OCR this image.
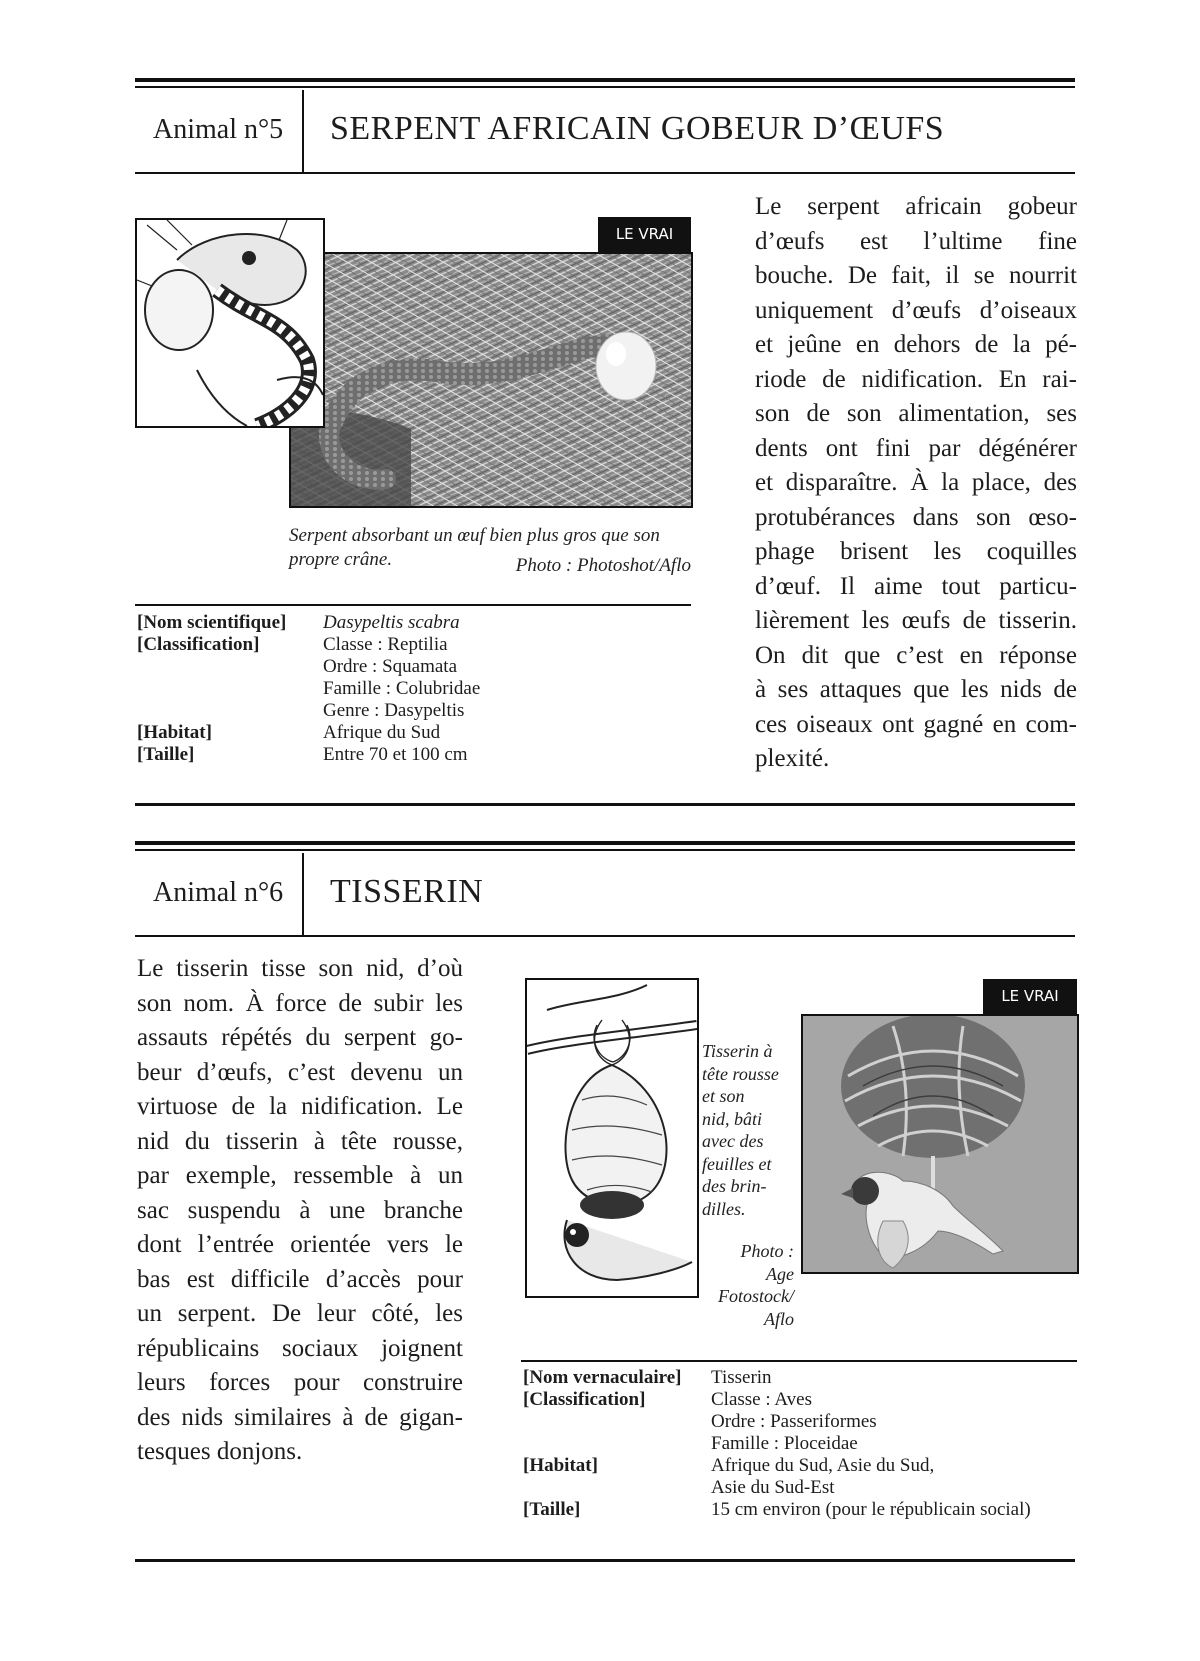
Animal n°5 SERPENT AFRICAIN GOBEUR D’ŒUFS
LE VRAI
Serpent absorbant un œuf bien plus gros que son
propre crâne.	Photo : Photoshot/Aflo
[Nom scientifique]	Dasypeltis scabra
[Classification]	Classe : Reptilia
Ordre : Squamata
Famille : Colubridae
Genre : Dasypeltis
[Habitat]	Afrique du Sud
[Taille]	Entre 70 et 100 cm
Le serpent africain gobeur
d’œufs est l’ultime fine
bouche. De fait, il se nourrit
uniquement d’œufs d’oiseaux
et jeûne en dehors de la pé-
riode de nidification. En rai-
son de son alimentation, ses
dents ont fini par dégénérer
et disparaître. À la place, des
protubérances dans son œso-
phage brisent les coquilles
d’œuf. Il aime tout particu-
lièrement les œufs de tisserin.
On dit que c’est en réponse
à ses attaques que les nids de
ces oiseaux ont gagné en com-
plexité.
Animal n°6 TISSERIN
Le tisserin tisse son nid, d’où
son nom. À force de subir les
assauts répétés du serpent go-
beur d’œufs, c’est devenu un
virtuose de la nidification. Le
nid du tisserin à tête rousse,
par exemple, ressemble à un
sac suspendu à une branche
dont l’entrée orientée vers le
bas est difficile d’accès pour
un serpent. De leur côté, les
républicains sociaux joignent
leurs forces pour construire
des nids similaires à de gigan-
tesques donjons.
LE VRAI
Tisserin à
tête rousse
et son
nid, bâti
avec des
feuilles et
des brin-
dilles.
Photo :
Age
Fotostock/
Aflo
[Nom vernaculaire]	Tisserin
[Classification]	Classe : Aves
Ordre : Passeriformes
Famille : Ploceidae
[Habitat]	Afrique du Sud, Asie du Sud,
Asie du Sud-Est
[Taille]	15 cm environ (pour le républicain social)
